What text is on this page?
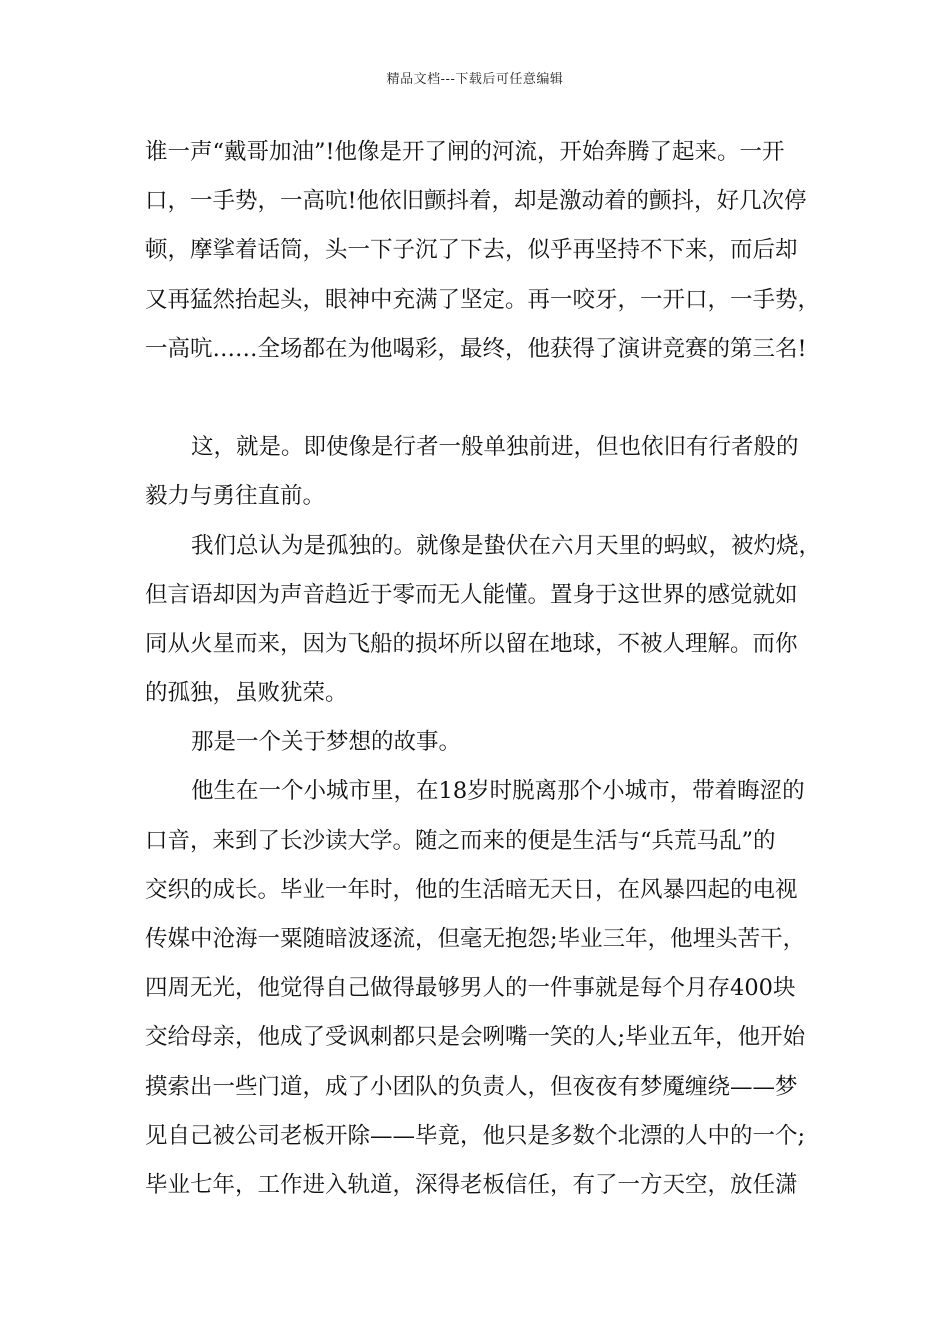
精品文档---下载后可任意编辑
谁一声“戴哥加油”!他像是开了闸的河流，开始奔腾了起来。一开
口，一手势，一高吭!他依旧颤抖着，却是激动着的颤抖，好几次停
顿，摩挲着话筒，头一下子沉了下去，似乎再坚持不下来，而后却
又再猛然抬起头，眼神中充满了坚定。再一咬牙，一开口，一手势，
一高吭……全场都在为他喝彩，最终，他获得了演讲竞赛的第三名!
这，就是。即使像是行者一般单独前进，但也依旧有行者般的
毅力与勇往直前。
我们总认为是孤独的。就像是蛰伏在六月天里的蚂蚁，被灼烧，
但言语却因为声音趋近于零而无人能懂。置身于这世界的感觉就如
同从火星而来，因为飞船的损坏所以留在地球，不被人理解。而你
的孤独，虽败犹荣。
那是一个关于梦想的故事。
他生在一个小城市里，在18岁时脱离那个小城市，带着晦涩的
口音，来到了长沙读大学。随之而来的便是生活与“兵荒马乱”的
交织的成长。毕业一年时，他的生活暗无天日，在风暴四起的电视
传媒中沧海一粟随暗波逐流，但毫无抱怨;毕业三年，他埋头苦干，
四周无光，他觉得自己做得最够男人的一件事就是每个月存400块
交给母亲，他成了受讽刺都只是会咧嘴一笑的人;毕业五年，他开始
摸索出一些门道，成了小团队的负责人，但夜夜有梦魇缠绕——梦
见自己被公司老板开除——毕竟，他只是多数个北漂的人中的一个;
毕业七年，工作进入轨道，深得老板信任，有了一方天空，放任潇
